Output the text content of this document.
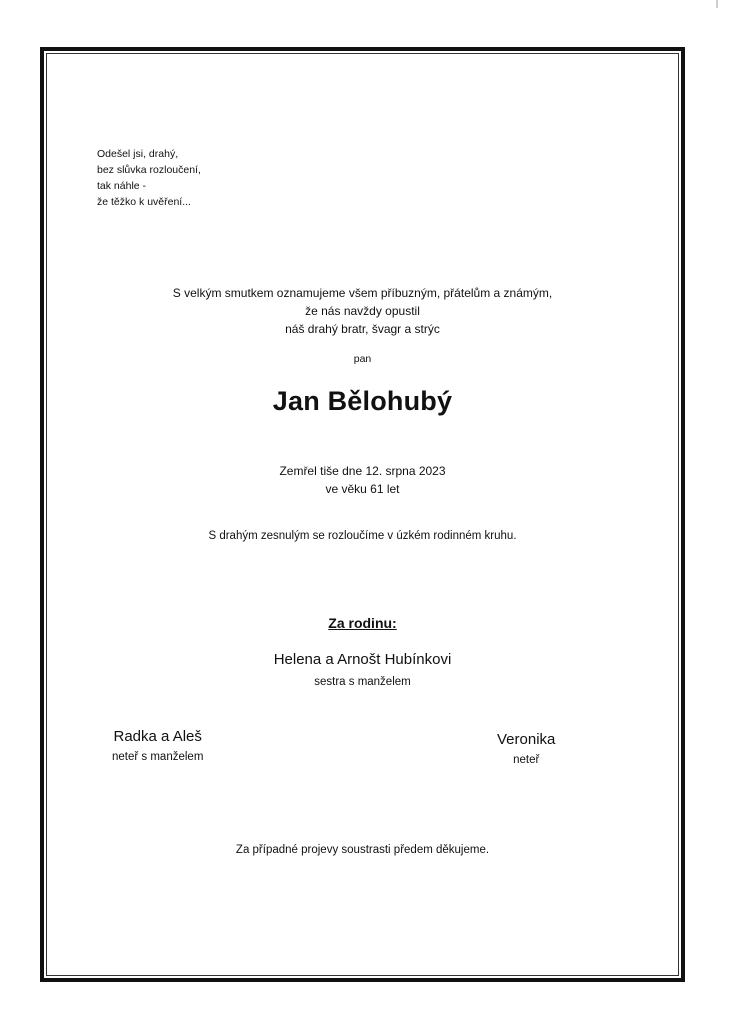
Odešel jsi, drahý,
bez slůvka rozloučení,
tak náhle -
že těžko k uvěření...
S velkým smutkem oznamujeme všem příbuzným, přátelům a známým,
že nás navždy opustil
náš drahý bratr, švagr a strýc
pan
Jan Bělohubý
Zemřel tiše dne 12. srpna 2023
ve věku 61 let
S drahým zesnulým se rozloučíme v úzkém rodinném kruhu.
Za rodinu:
Helena a Arnošt Hubínkovi
sestra s manželem
Radka a Aleš
neteř s manželem
Veronika
neteř
Za případné projevy soustrasti předem děkujeme.
